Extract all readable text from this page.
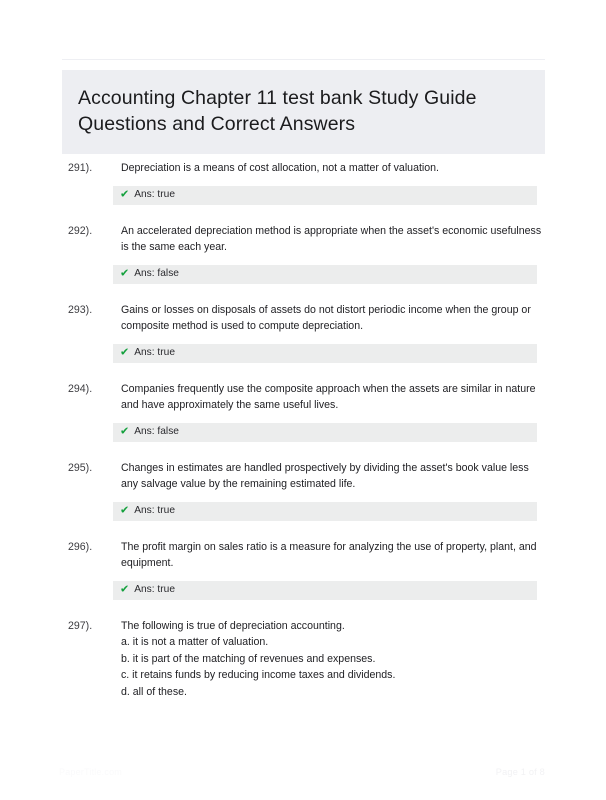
Accounting Chapter 11 test bank Study Guide Questions and Correct Answers
291).	Depreciation is a means of cost allocation, not a matter of valuation.

✔ Ans: true
292).	An accelerated depreciation method is appropriate when the asset's economic usefulness is the same each year.

✔ Ans: false
293).	Gains or losses on disposals of assets do not distort periodic income when the group or composite method is used to compute depreciation.

✔ Ans: true
294).	Companies frequently use the composite approach when the assets are similar in nature and have approximately the same useful lives.

✔ Ans: false
295).	Changes in estimates are handled prospectively by dividing the asset's book value less any salvage value by the remaining estimated life.

✔ Ans: true
296).	The profit margin on sales ratio is a measure for analyzing the use of property, plant, and equipment.

✔ Ans: true
297).	The following is true of depreciation accounting.

a. it is not a matter of valuation.
b. it is part of the matching of revenues and expenses.
c. it retains funds by reducing income taxes and dividends.
d. all of these.
PaperTitle.com	Page 1 of 8
